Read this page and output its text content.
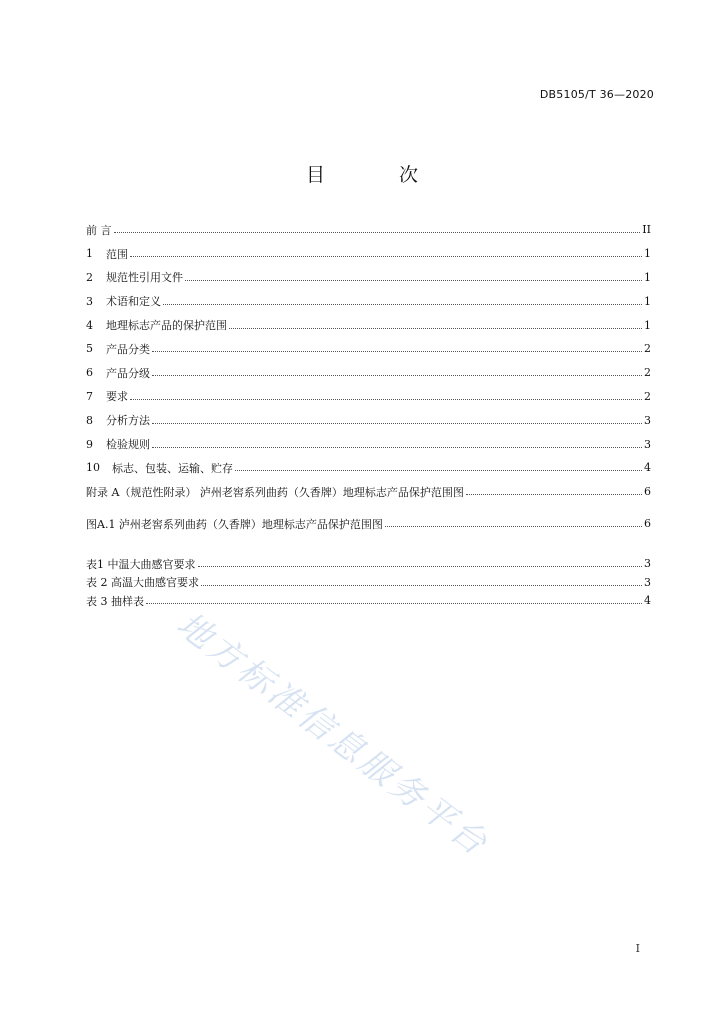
DB5105/T 36—2020
目 次
前 言	II
1	范围	1
2	规范性引用文件	1
3	术语和定义	1
4	地理标志产品的保护范围	1
5	产品分类	2
6	产品分级	2
7	要求	2
8	分析方法	3
9	检验规则	3
10	标志、包装、运输、贮存	4
附录 A（规范性附录） 泸州老窖系列曲药（久香牌）地理标志产品保护范围图	6
图A.1 泸州老窖系列曲药（久香牌）地理标志产品保护范围图	6
表1 中温大曲感官要求	3
表 2 高温大曲感官要求	3
表 3 抽样表	4
地方标准信息服务平台
I
